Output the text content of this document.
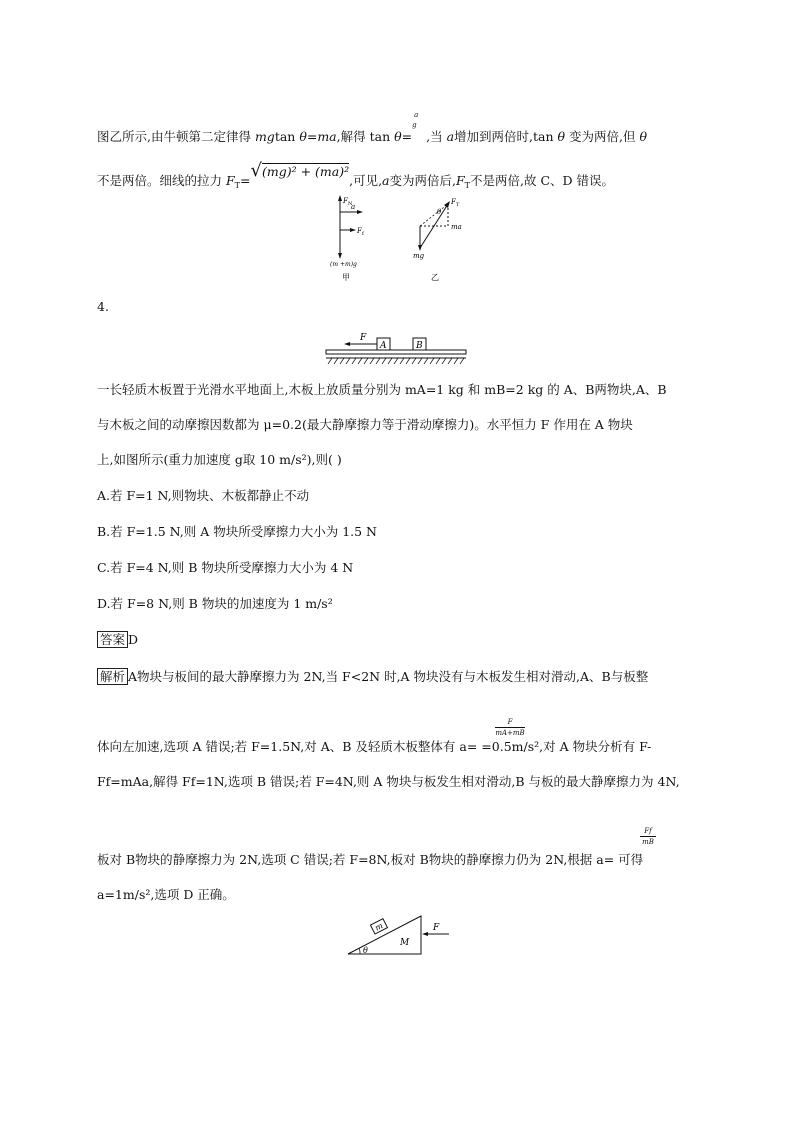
图乙所示,由牛顿第二定律得 mgtan θ=ma,解得 tan θ=
a
g
,当 a增加到两倍时,tan θ 变为两倍,但 θ
不是两倍。细线的拉力 $F_T=√(mg)^2 + (ma)^2$,可见,a变为两倍后$,F_T$不是两倍,故 C、D 错误。
F N
a
F f
(m +m)g
甲
F T
θ
ma
mg
乙
4.
F
A	B
一长轻质木板置于光滑水平地面上,木板上放质量分别为 mA=1 kg 和 mB=2 kg 的 A、B两物块,A、B
与木板之间的动摩擦因数都为 μ=0.2(最大静摩擦力等于滑动摩擦力)。水平恒力 F 作用在 A 物块
上,如图所示(重力加速度 g取 10 m/s²),则( )
A.若 F=1 N,则物块、木板都静止不动
B.若 F=1.5 N,则 A 物块所受摩擦力大小为 1.5 N
C.若 F=4 N,则 B 物块所受摩擦力大小为 4 N
D.若 F=8 N,则 B 物块的加速度为 1 m/s²
答案 D
解析 A物块与板间的最大静摩擦力为 2N,当 F<2N 时,A 物块没有与木板发生相对滑动,A、B与板整
体向左加速,选项 A 错误;若 F=1.5N,对 A、B 及轻质木板整体有 a= =0.5m/s²,对 A 物块分析有 F-
Ff=mAa,解得 Ff=1N,选项 B 错误;若 F=4N,则 A 物块与板发生相对滑动,B 与板的最大静摩擦力为 4N,
板对 B物块的静摩擦力为 2N,选项 C 错误;若 F=8N,板对 B物块的静摩擦力仍为 2N,根据 a= 可得
a=1m/s²,选项 D 正确。
F
mA+mB
Ff
mB
m
θ
M
F
